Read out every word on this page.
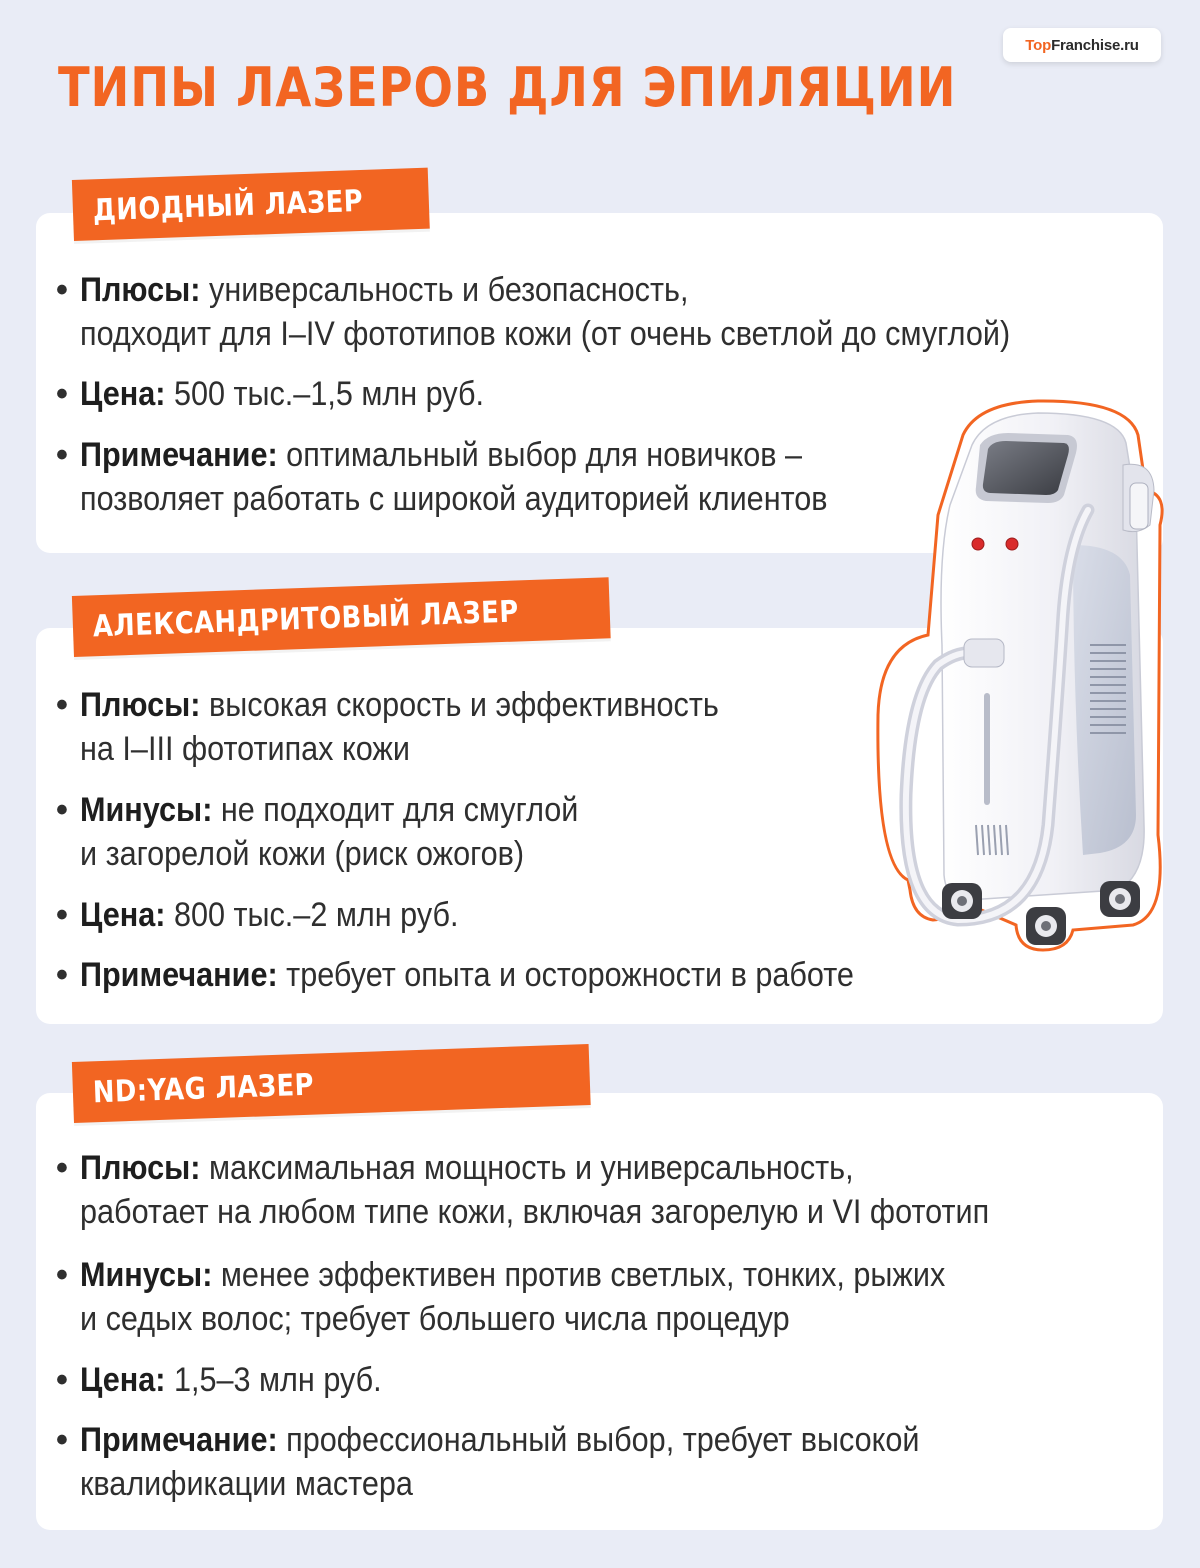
Top Franchise.ru
ТИПЫ ЛАЗЕРОВ ДЛЯ ЭПИЛЯЦИИ
ДИОДНЫЙ ЛАЗЕР
• Плюсы: универсальность и безопасность,
подходит для I–IV фототипов кожи (от очень светлой до смуглой)
• Цена: 500 тыс.–1,5 млн руб.
• Примечание: оптимальный выбор для новичков –
позволяет работать с широкой аудиторией клиентов
АЛЕКСАНДРИТОВЫЙ ЛАЗЕР
• Плюсы: высокая скорость и эффективность
на I–III фототипах кожи
• Минусы: не подходит для смуглой
и загорелой кожи (риск ожогов)
• Цена: 800 тыс.–2 млн руб.
• Примечание: требует опыта и осторожности в работе
ND:YAG ЛАЗЕР
• Плюсы: максимальная мощность и универсальность,
работает на любом типе кожи, включая загорелую и VI фототип
• Минусы: менее эффективен против светлых, тонких, рыжих
и седых волос; требует большего числа процедур
• Цена: 1,5–3 млн руб.
• Примечание: профессиональный выбор, требует высокой
квалификации мастера
